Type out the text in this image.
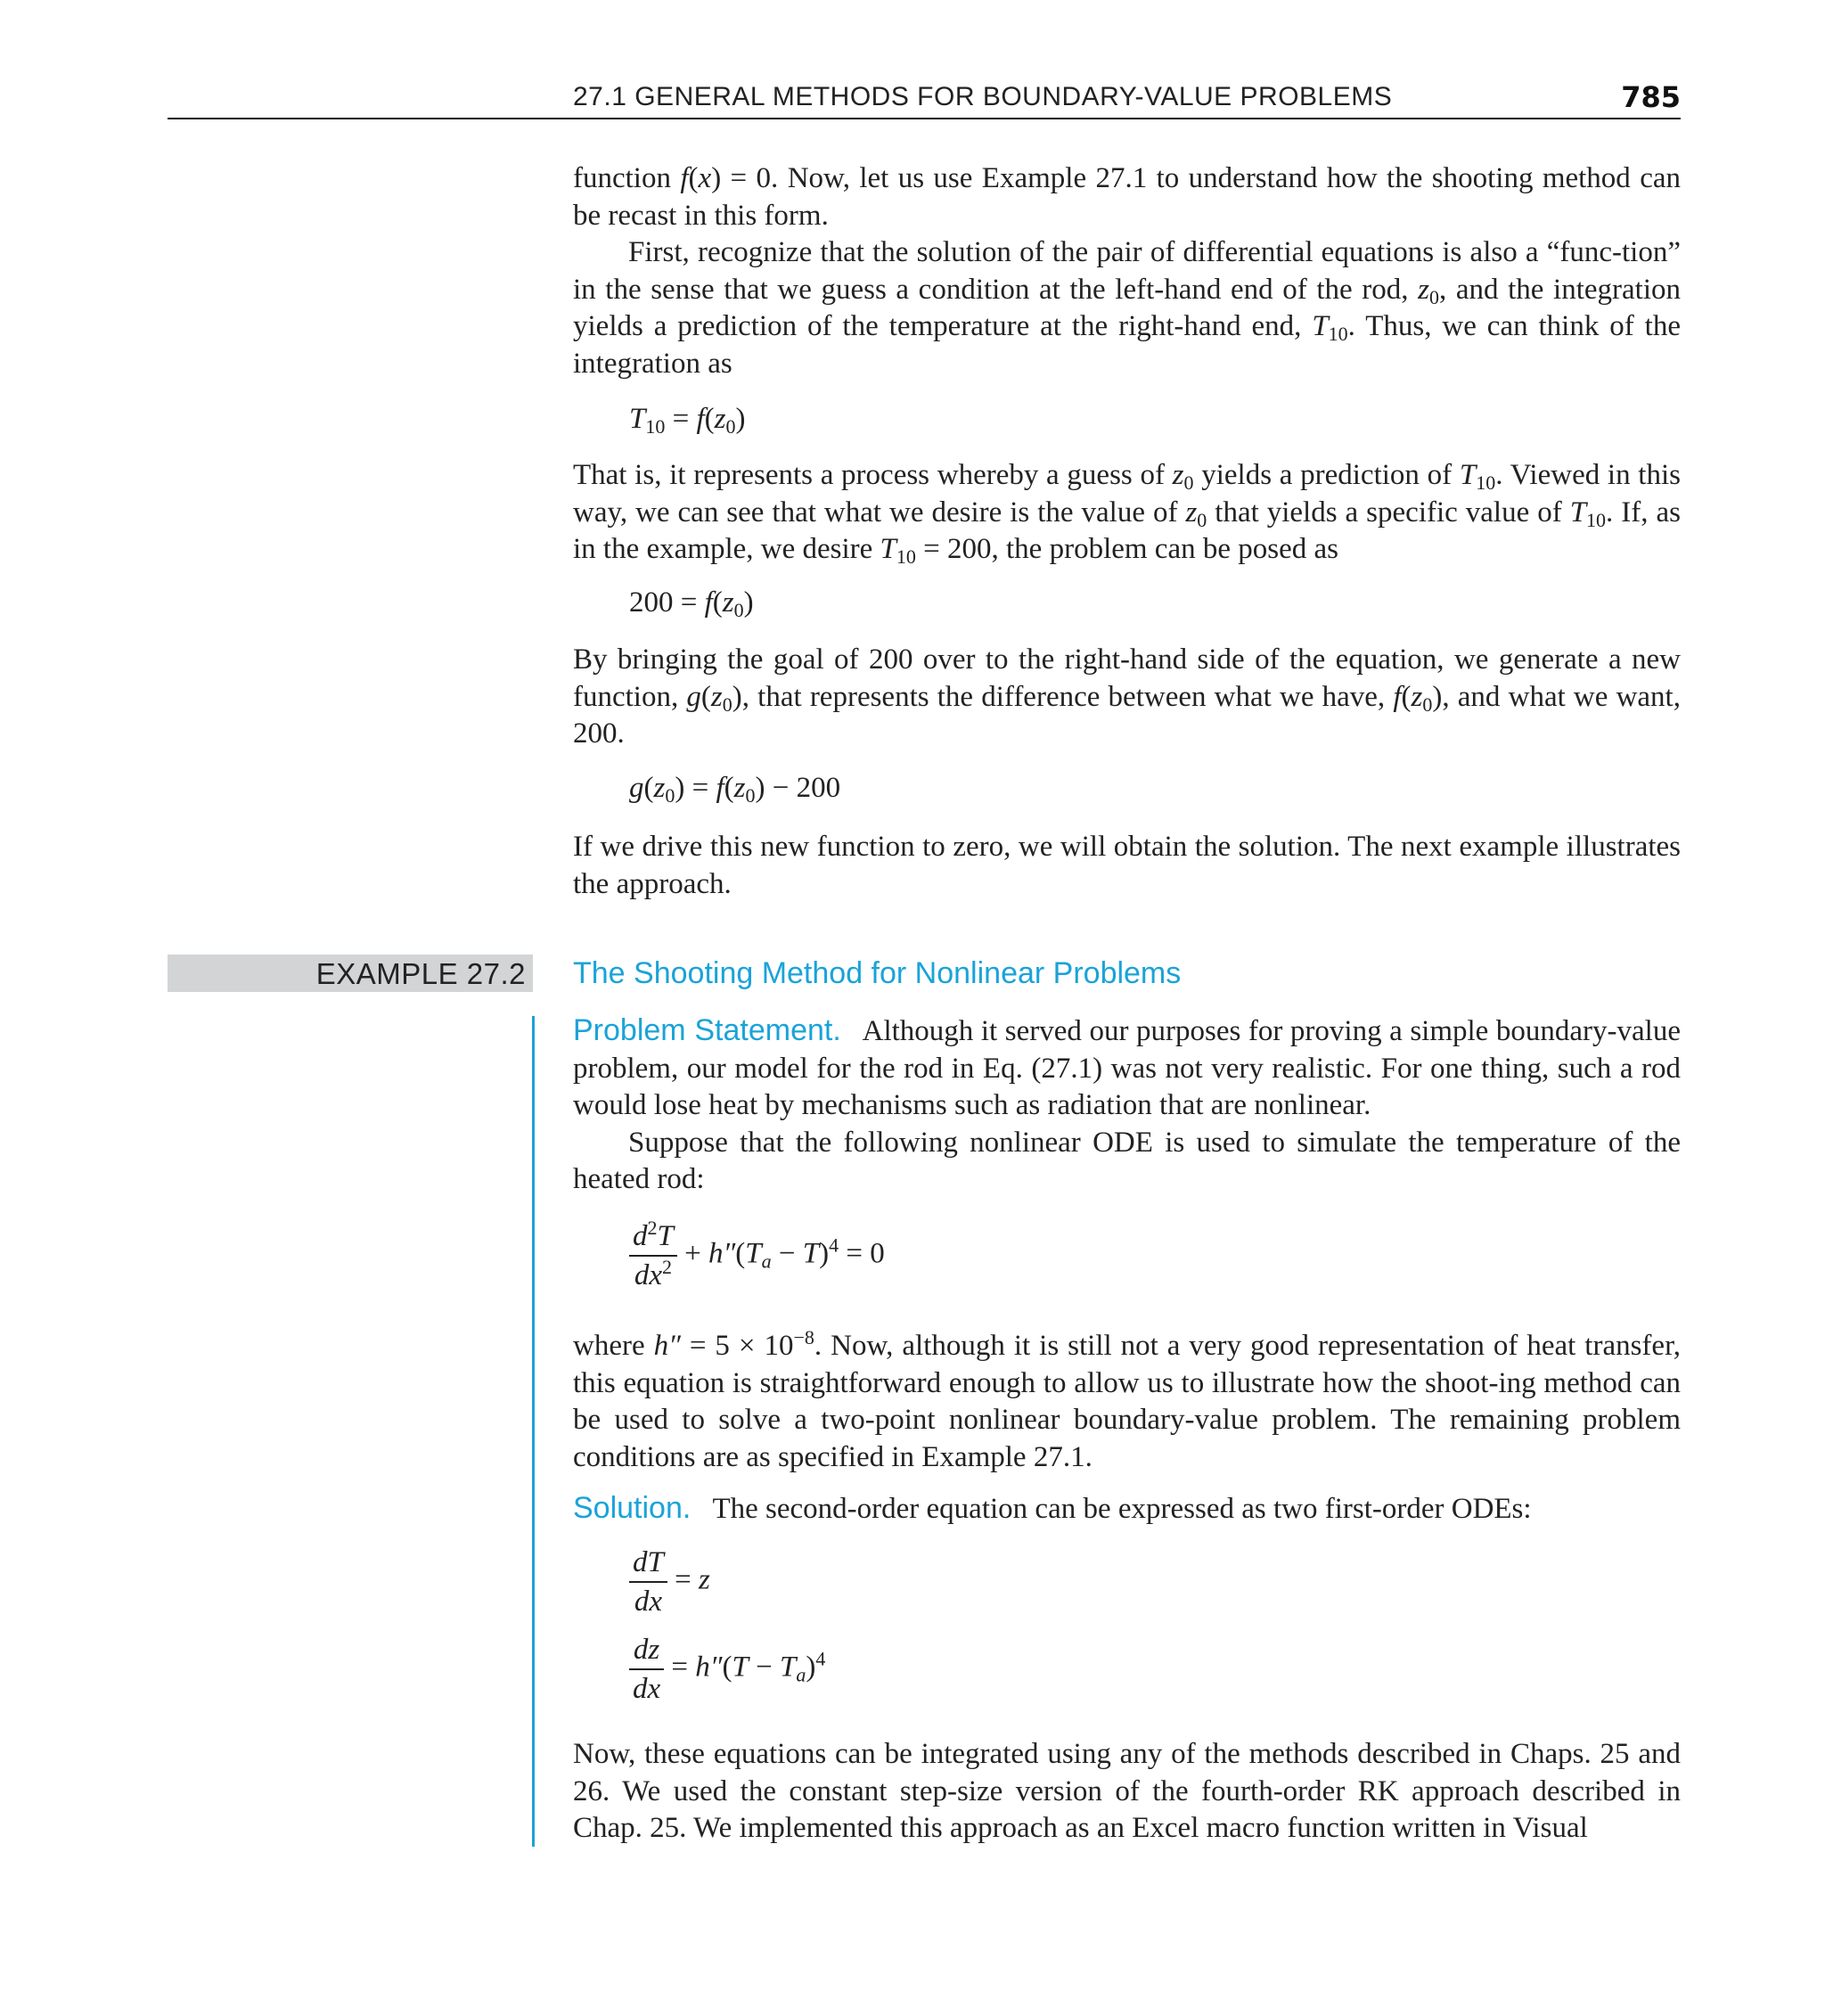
27.1 GENERAL METHODS FOR BOUNDARY-VALUE PROBLEMS	785

function f(x) = 0. Now, let us use Example 27.1 to understand how the shooting method can be recast in this form.

First, recognize that the solution of the pair of differential equations is also a “func-tion” in the sense that we guess a condition at the left-hand end of the rod, $z_0$, and the integration yields a prediction of the temperature at the right-hand end, $T_{10}$. Thus, we can think of the integration as

$T_{10} = f(z_0)$

That is, it represents a process whereby a guess of $z_0$ yields a prediction of $T_{10}$. Viewed in this way, we can see that what we desire is the value of $z_0$ that yields a specific value of $T_{10}$. If, as in the example, we desire $T_{10} = 200$, the problem can be posed as

$200 = f(z_0)$

By bringing the goal of 200 over to the right-hand side of the equation, we generate a new function, $g(z_0)$, that represents the difference between what we have, $f(z_0)$, and what we want, 200.

$g(z_0) = f(z_0) - 200$

If we drive this new function to zero, we will obtain the solution. The next example illustrates the approach.

EXAMPLE 27.2 The Shooting Method for Nonlinear Problems

Problem Statement. Although it served our purposes for proving a simple boundary-value problem, our model for the rod in Eq. (27.1) was not very realistic. For one thing, such a rod would lose heat by mechanisms such as radiation that are nonlinear.

Suppose that the following nonlinear ODE is used to simulate the temperature of the heated rod:

$\frac{d^2T}{dx^2} + h''(T_a - T)^4 = 0$

where $h'' = 5 \times 10^{-8}$. Now, although it is still not a very good representation of heat transfer, this equation is straightforward enough to allow us to illustrate how the shoot-ing method can be used to solve a two-point nonlinear boundary-value problem. The remaining problem conditions are as specified in Example 27.1.

Solution. The second-order equation can be expressed as two first-order ODEs:

$\frac{dT}{dx} = z$
$\frac{dz}{dx} = h''(T - T_a)^4$

Now, these equations can be integrated using any of the methods described in Chaps. 25 and 26. We used the constant step-size version of the fourth-order RK approach described in Chap. 25. We implemented this approach as an Excel macro function written in Visual
